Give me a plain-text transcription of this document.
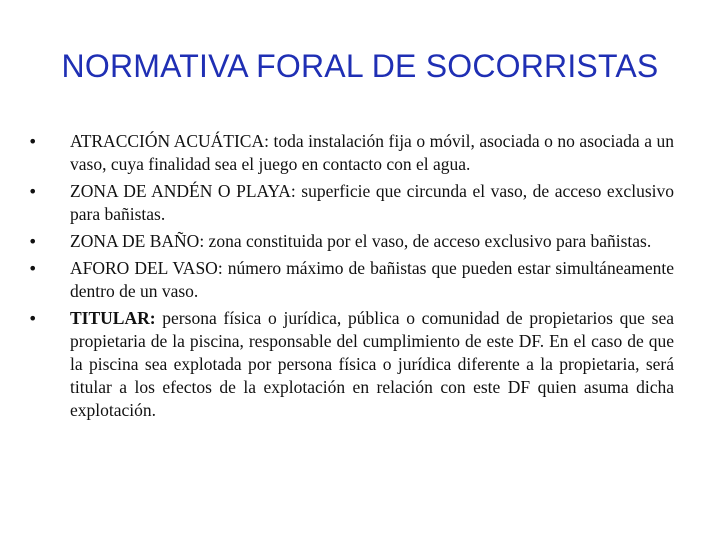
NORMATIVA FORAL DE SOCORRISTAS
•	ATRACCIÓN ACUÁTICA: toda instalación fija o móvil, asociada o no asociada a un vaso, cuya finalidad sea el juego en contacto con el agua.
•	ZONA DE ANDÉN O PLAYA: superficie que circunda el vaso, de acceso exclusivo para bañistas.
•	ZONA DE BAÑO: zona constituida por el vaso, de acceso exclusivo para bañistas.
•	AFORO DEL VASO: número máximo de bañistas que pueden estar simultáneamente dentro de un vaso.
•	TITULAR: persona física o jurídica, pública o comunidad de propietarios que sea propietaria de la piscina, responsable del cumplimiento de este DF. En el caso de que la piscina sea explotada por persona física o jurídica diferente a la propietaria, será titular a los efectos de la explotación en relación con este DF quien asuma dicha explotación.
